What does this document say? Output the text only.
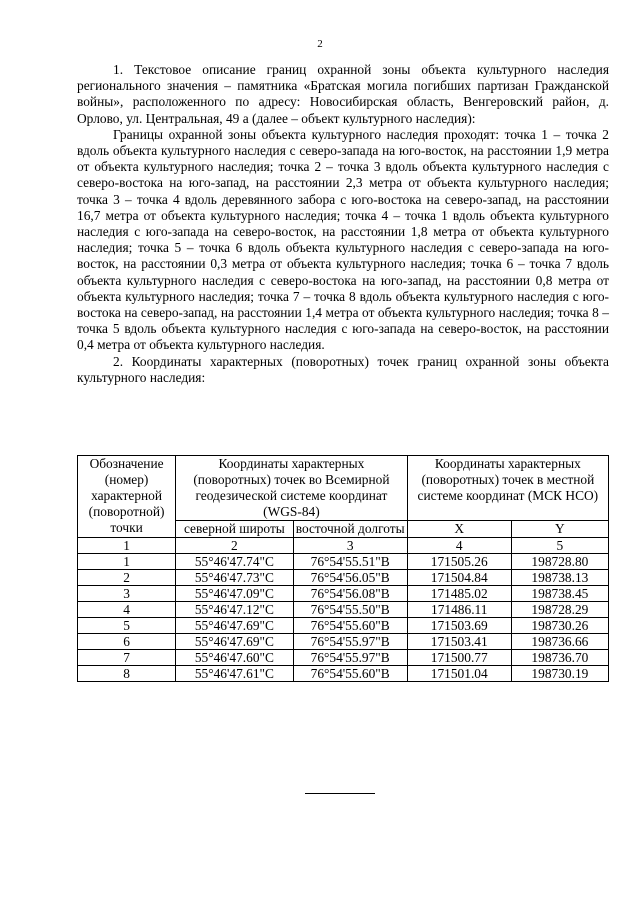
2

1. Текстовое описание границ охранной зоны объекта культурного наследия регионального значения – памятника «Братская могила погибших партизан Гражданской войны», расположенного по адресу: Новосибирская область, Венгеровский район, д. Орлово, ул. Центральная, 49 а (далее – объект культурного наследия):

Границы охранной зоны объекта культурного наследия проходят: точка 1 – точка 2 вдоль объекта культурного наследия с северо-запада на юго-восток, на расстоянии 1,9 метра от объекта культурного наследия; точка 2 – точка 3 вдоль объекта культурного наследия с северо-востока на юго-запад, на расстоянии 2,3 метра от объекта культурного наследия; точка 3 – точка 4 вдоль деревянного забора с юго-востока на северо-запад, на расстоянии 16,7 метра от объекта культурного наследия; точка 4 – точка 1 вдоль объекта культурного наследия с юго-запада на северо-восток, на расстоянии 1,8 метра от объекта культурного наследия; точка 5 – точка 6 вдоль объекта культурного наследия с северо-запада на юго-восток, на расстоянии 0,3 метра от объекта культурного наследия; точка 6 – точка 7 вдоль объекта культурного наследия с северо-востока на юго-запад, на расстоянии 0,8 метра от объекта культурного наследия; точка 7 – точка 8 вдоль объекта культурного наследия с юго-востока на северо-запад, на расстоянии 1,4 метра от объекта культурного наследия; точка 8 – точка 5 вдоль объекта культурного наследия с юго-запада на северо-восток, на расстоянии 0,4 метра от объекта культурного наследия.

2. Координаты характерных (поворотных) точек границ охранной зоны объекта культурного наследия:

Обозначение (номер) характерной (поворотной) точки	Координаты характерных (поворотных) точек во Всемирной геодезической системе координат (WGS-84)		Координаты характерных (поворотных) точек в местной системе координат (МСК НСО)	
	северной широты	восточной долготы	X	Y
1	2	3	4	5
1	55°46'47.74"С	76°54'55.51"В	171505.26	198728.80
2	55°46'47.73"С	76°54'56.05"В	171504.84	198738.13
3	55°46'47.09"С	76°54'56.08"В	171485.02	198738.45
4	55°46'47.12"С	76°54'55.50"В	171486.11	198728.29
5	55°46'47.69"С	76°54'55.60"В	171503.69	198730.26
6	55°46'47.69"С	76°54'55.97"В	171503.41	198736.66
7	55°46'47.60"С	76°54'55.97"В	171500.77	198736.70
8	55°46'47.61"С	76°54'55.60"В	171501.04	198730.19
